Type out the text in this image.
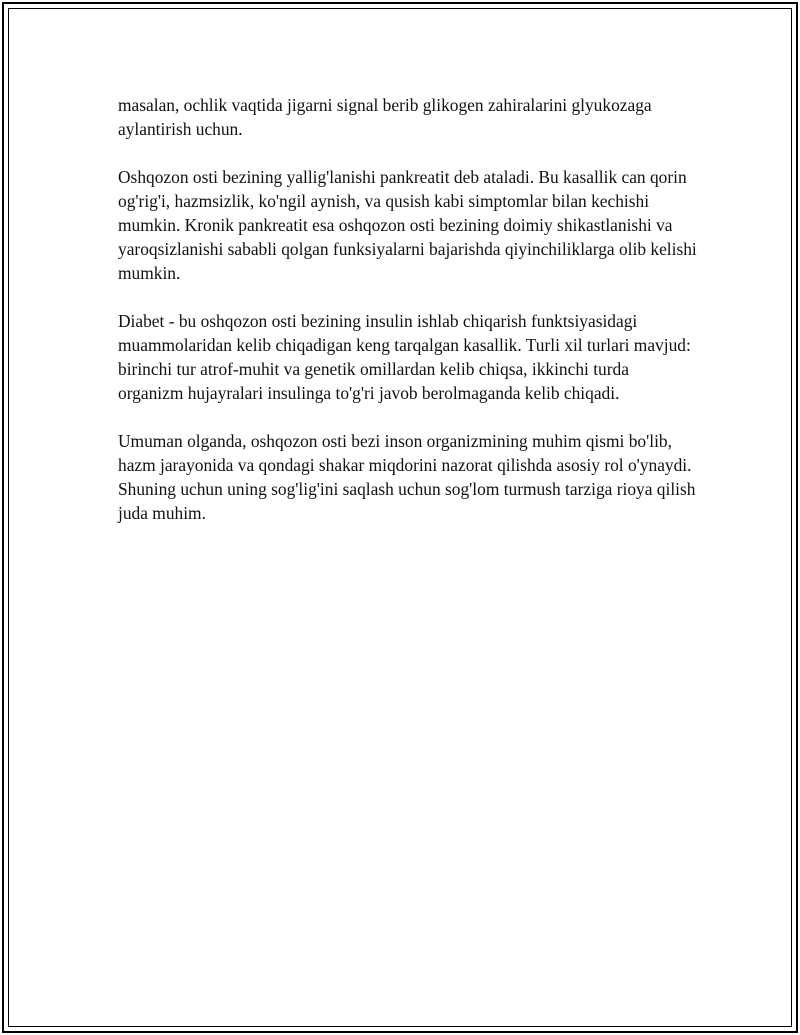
masalan, ochlik vaqtida jigarni signal berib glikogen zahiralarini glyukozaga aylantirish uchun.

Oshqozon osti bezining yallig'lanishi pankreatit deb ataladi. Bu kasallik can qorin og'rig'i, hazmsizlik, ko'ngil aynish, va qusish kabi simptomlar bilan kechishi mumkin. Kronik pankreatit esa oshqozon osti bezining doimiy shikastlanishi va yaroqsizlanishi sababli qolgan funksiyalarni bajarishda qiyinchiliklarga olib kelishi mumkin.

Diabet - bu oshqozon osti bezining insulin ishlab chiqarish funktsiyasidagi muammolaridan kelib chiqadigan keng tarqalgan kasallik. Turli xil turlari mavjud: birinchi tur atrof-muhit va genetik omillardan kelib chiqsa, ikkinchi turda organizm hujayralari insulinga to'g'ri javob berolmaganda kelib chiqadi.

Umuman olganda, oshqozon osti bezi inson organizmining muhim qismi bo'lib, hazm jarayonida va qondagi shakar miqdorini nazorat qilishda asosiy rol o'ynaydi. Shuning uchun uning sog'lig'ini saqlash uchun sog'lom turmush tarziga rioya qilish juda muhim.
